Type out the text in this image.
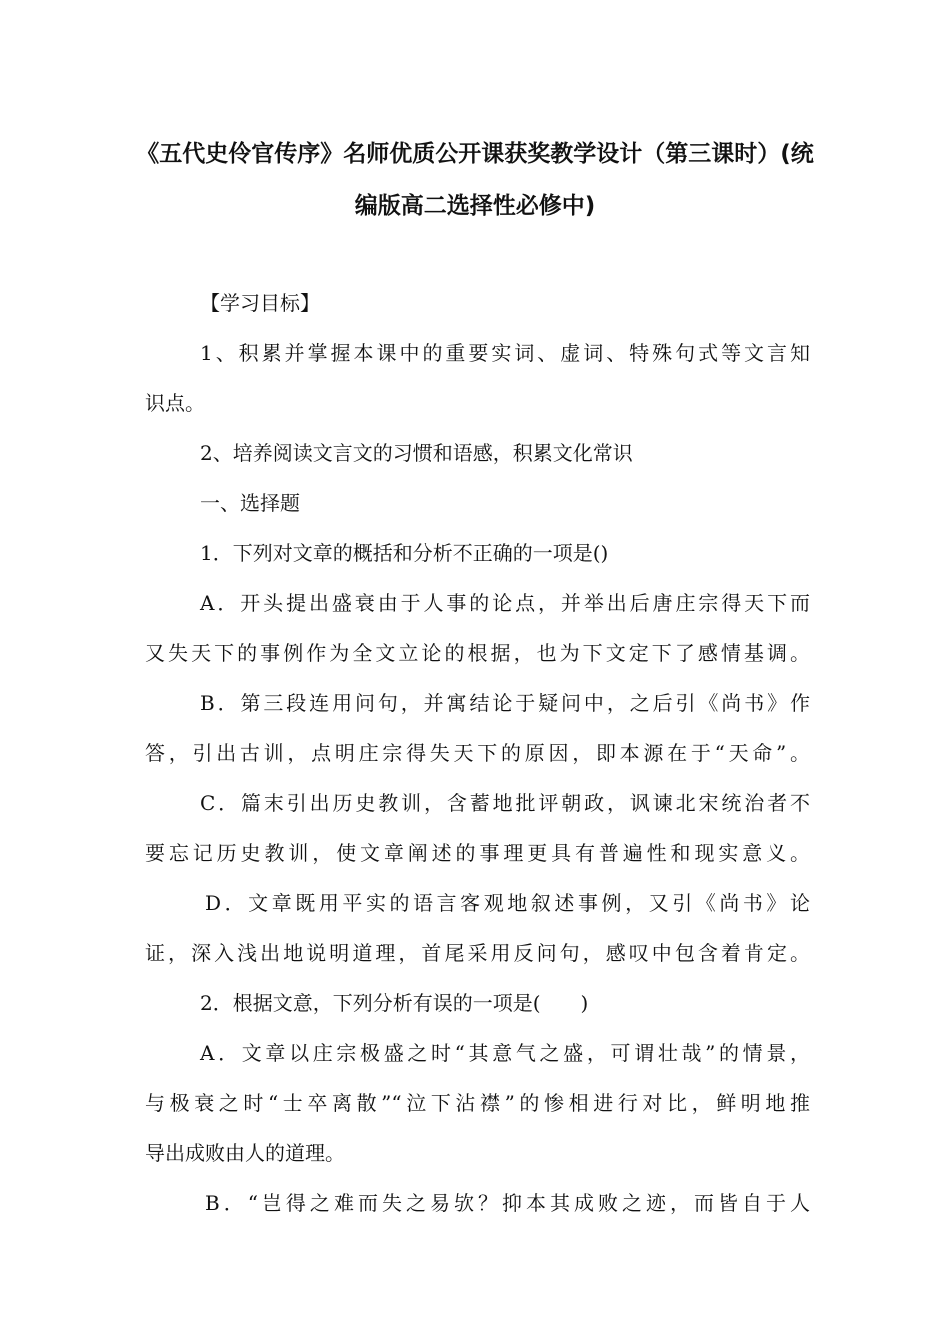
《五代史伶官传序》名师优质公开课获奖教学设计（第三课时）(统
编版高二选择性必修中)
【学习目标】
1、积累并掌握本课中的重要实词、虚词、特殊句式等文言知
识点。
2、培养阅读文言文的习惯和语感，积累文化常识
一、选择题
1．下列对文章的概括和分析不正确的一项是()
A．开头提出盛衰由于人事的论点，并举出后唐庄宗得天下而
又失天下的事例作为全文立论的根据，也为下文定下了感情基调。
B．第三段连用问句，并寓结论于疑问中，之后引《尚书》作
答，引出古训，点明庄宗得失天下的原因，即本源在于“天命”。
C．篇末引出历史教训，含蓄地批评朝政，讽谏北宋统治者不
要忘记历史教训，使文章阐述的事理更具有普遍性和现实意义。
D．文章既用平实的语言客观地叙述事例，又引《尚书》论
证，深入浅出地说明道理，首尾采用反问句，感叹中包含着肯定。
2．根据文意，下列分析有误的一项是(　　)
A．文章以庄宗极盛之时“其意气之盛，可谓壮哉”的情景，
与极衰之时“士卒离散”“泣下沾襟”的惨相进行对比，鲜明地推
导出成败由人的道理。
B．“岂得之难而失之易欤？抑本其成败之迹，而皆自于人
